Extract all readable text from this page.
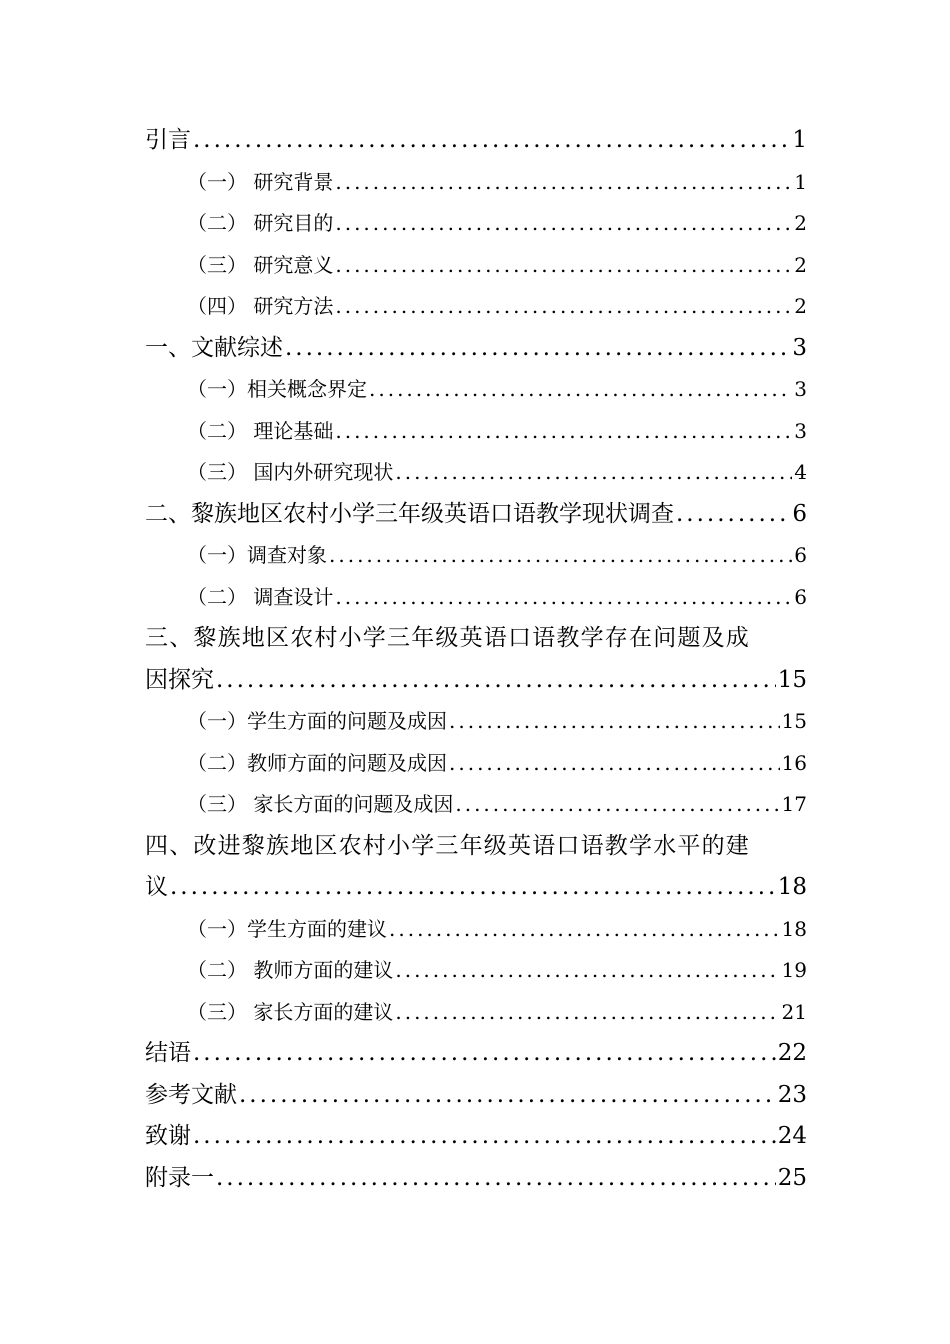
引言 .....	1
（一） 研究背景 .....	1
（二） 研究目的 .....	2
（三） 研究意义 .....	2
（四） 研究方法 .....	2
一、文献综述 .....	3
（一）相关概念界定 .....	3
（二） 理论基础 .....	3
（三） 国内外研究现状 .....	4
二、黎族地区农村小学三年级英语口语教学现状调查 .....	6
（一）调查对象 .....	6
（二） 调查设计 .....	6
三、黎族地区农村小学三年级英语口语教学存在问题及成
因探究 .....	15
（一）学生方面的问题及成因 .....	15
（二）教师方面的问题及成因 .....	16
（三） 家长方面的问题及成因 .....	17
四、改进黎族地区农村小学三年级英语口语教学水平的建
议 .....	18
（一）学生方面的建议 .....	18
（二） 教师方面的建议 .....	19
（三） 家长方面的建议 .....	21
结语 .....	22
参考文献 .....	23
致谢 .....	24
附录一 .....	25
